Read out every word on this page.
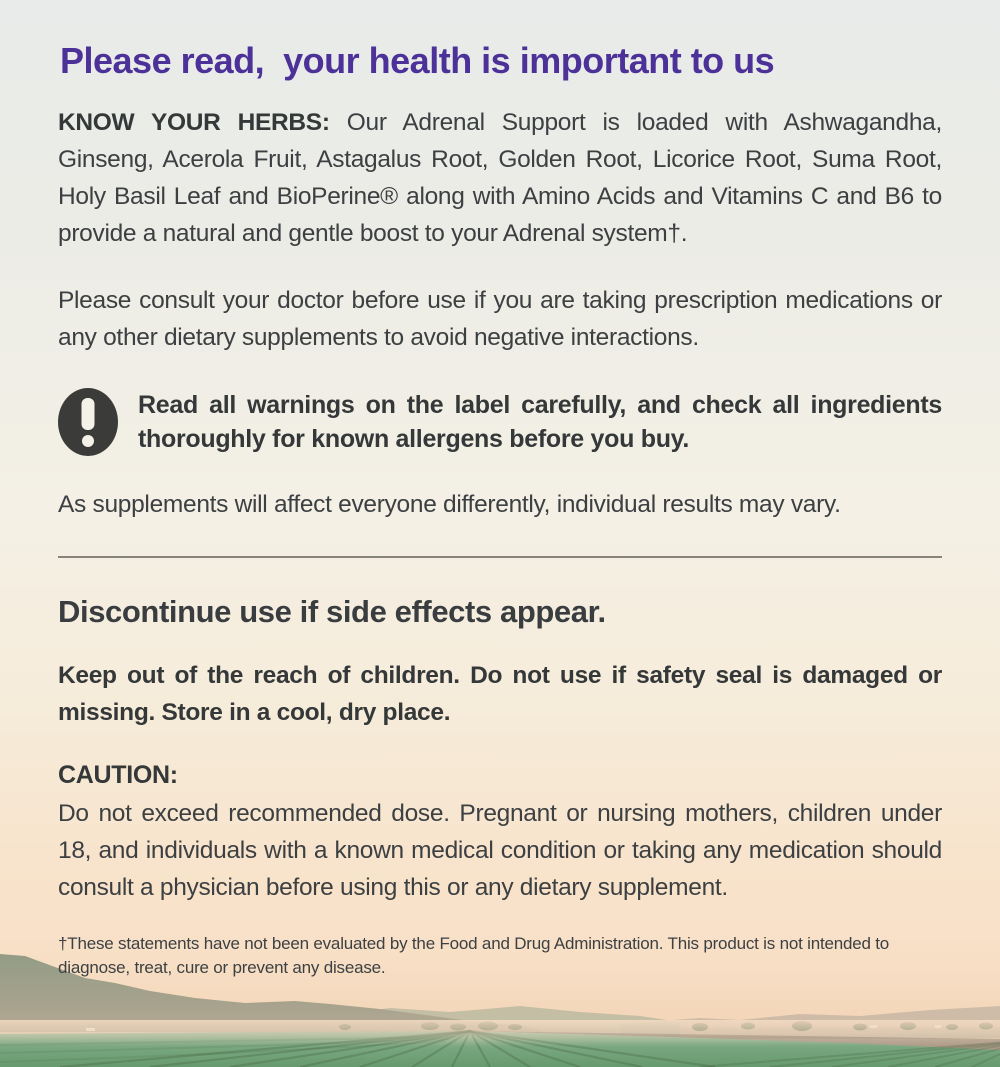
Please read,  your health is important to us

KNOW YOUR HERBS: Our Adrenal Support is loaded with Ashwagandha, Ginseng, Acerola Fruit, Astagalus Root, Golden Root, Licorice Root, Suma Root, Holy Basil Leaf and BioPerine® along with Amino Acids and Vitamins C and B6 to provide a natural and gentle boost to your Adrenal system†.

Please consult your doctor before use if you are taking prescription medications or any other dietary supplements to avoid negative interactions.

Read all warnings on the label carefully, and check all ingredients thoroughly for known allergens before you buy.

As supplements will affect everyone differently, individual results may vary.

Discontinue use if side effects appear.

Keep out of the reach of children. Do not use if safety seal is damaged or missing. Store in a cool, dry place.

CAUTION:

Do not exceed recommended dose. Pregnant or nursing mothers, children under 18, and individuals with a known medical condition or taking any medication should consult a physician before using this or any dietary supplement.

†These statements have not been evaluated by the Food and Drug Administration. This product is not intended to diagnose, treat, cure or prevent any disease.
